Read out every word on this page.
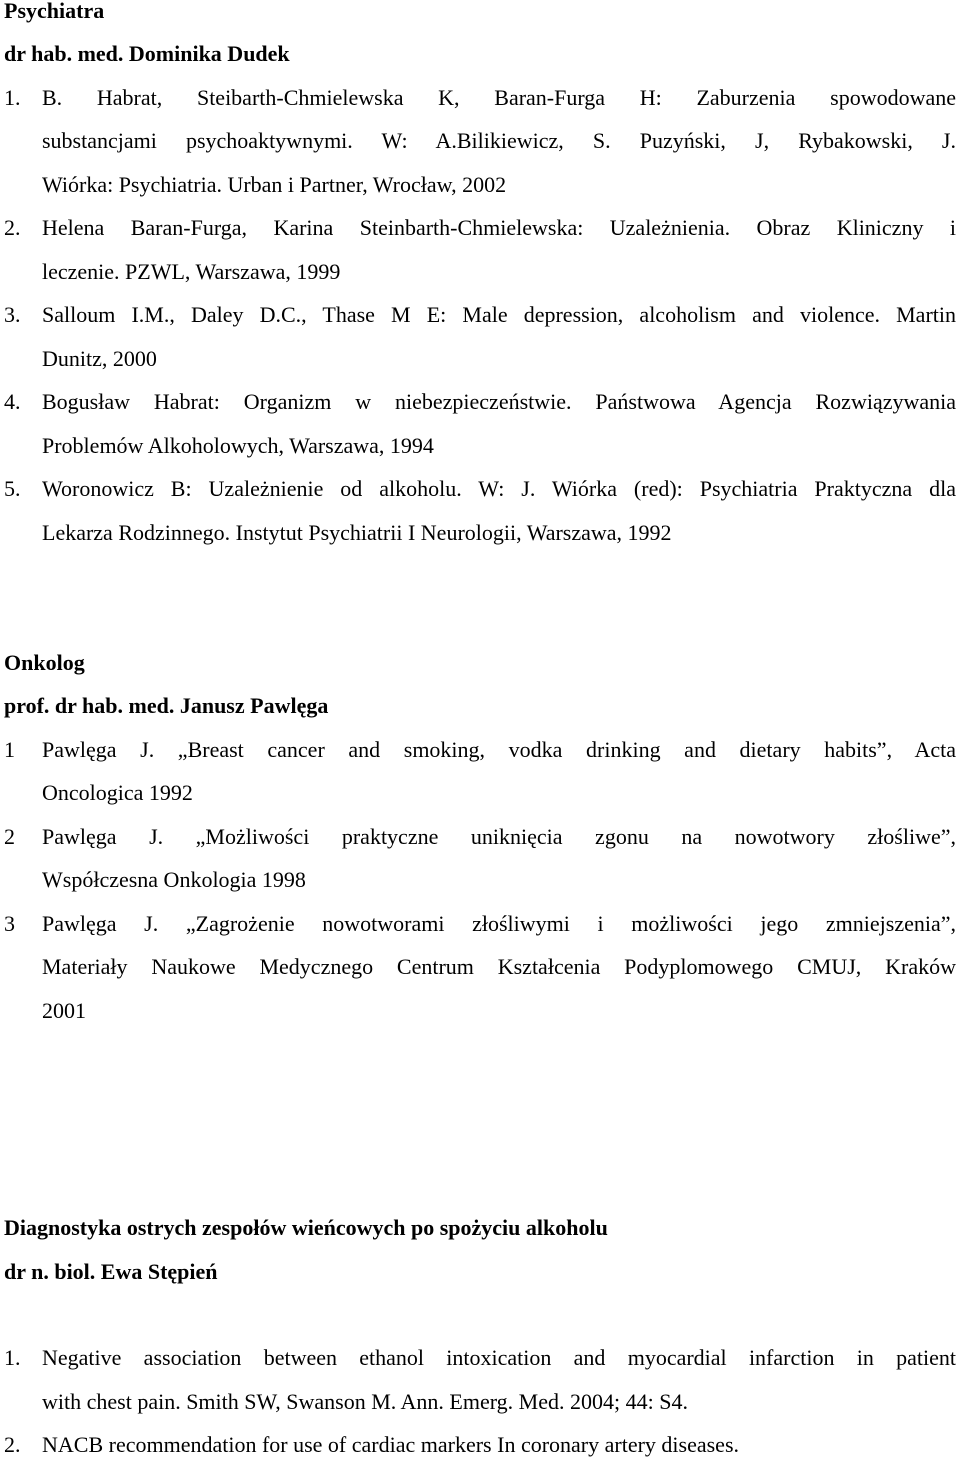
Psychiatra
dr hab. med. Dominika Dudek
1. B. Habrat, Steibarth-Chmielewska K, Baran-Furga H: Zaburzenia spowodowane
substancjami psychoaktywnymi. W: A.Bilikiewicz, S. Puzyński, J, Rybakowski, J.
Wiórka: Psychiatria. Urban i Partner, Wrocław, 2002
2. Helena Baran-Furga, Karina Steinbarth-Chmielewska: Uzależnienia. Obraz Kliniczny i
leczenie. PZWL, Warszawa, 1999
3. Salloum I.M., Daley D.C., Thase M E: Male depression, alcoholism and violence. Martin
Dunitz, 2000
4. Bogusław Habrat: Organizm w niebezpieczeństwie. Państwowa Agencja Rozwiązywania
Problemów Alkoholowych, Warszawa, 1994
5. Woronowicz B: Uzależnienie od alkoholu. W: J. Wiórka (red): Psychiatria Praktyczna dla
Lekarza Rodzinnego. Instytut Psychiatrii I Neurologii, Warszawa, 1992
Onkolog
prof. dr hab. med. Janusz Pawlęga
1 Pawlęga J. „Breast cancer and smoking, vodka drinking and dietary habits”, Acta
Oncologica 1992
2 Pawlęga J. „Możliwości praktyczne uniknięcia zgonu na nowotwory złośliwe”,
Współczesna Onkologia 1998
3 Pawlęga J. „Zagrożenie nowotworami złośliwymi i możliwości jego zmniejszenia”,
Materiały Naukowe Medycznego Centrum Kształcenia Podyplomowego CMUJ, Kraków
2001
Diagnostyka ostrych zespołów wieńcowych po spożyciu alkoholu
dr n. biol. Ewa Stępień
1. Negative association between ethanol intoxication and myocardial infarction in patient
with chest pain. Smith SW, Swanson M. Ann. Emerg. Med. 2004; 44: S4.
2. NACB recommendation for use of cardiac markers In coronary artery diseases.
